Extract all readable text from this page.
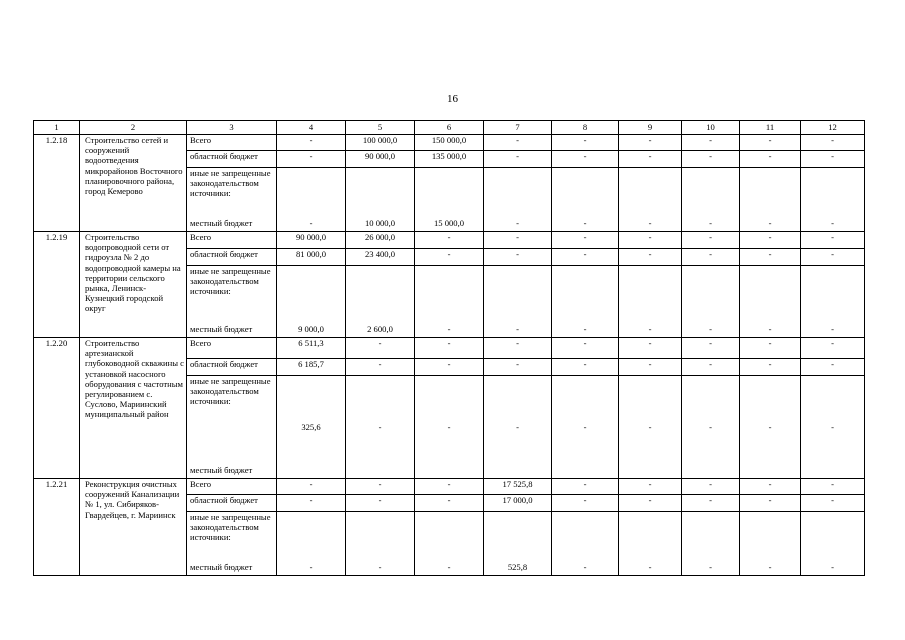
16
1	2	3	4	5	6	7	8	9	10	11	12
1.2.18	Строительство сетей и сооружений водоотведения микрорайонов Восточного планировочного района, город Кемерово	Всего	-	100 000,0	150 000,0	-	-	-	-	-	-
		областной бюджет	-	90 000,0	135 000,0	-	-	-	-	-	-

		иные не запрещенные законодательством источники:
местный бюджет	-	10 000,0	15 000,0	-	-	-	-	-	-
1.2.19	Строительство водопроводной сети от гидроузла № 2 до водопроводной камеры на территории сельского рынка, Ленинск-Кузнецкий городской округ	Всего	90 000,0	26 000,0	-	-	-	-	-	-	-
		областной бюджет	81 000,0	23 400,0	-	-	-	-	-	-	-

		иные не запрещенные законодательством источники:
местный бюджет	9 000,0	2 600,0	-	-	-	-	-	-	-
1.2.20	Строительство артезианской глубоководной скважины с установкой насосного оборудования с частотным регулированием с. Суслово, Мариинский муниципальный район	Всего	6 511,3	-	-	-	-	-	-	-	-
		областной бюджет	6 185,7	-	-	-	-	-	-	-	-

		иные не запрещенные законодательством источники:
местный бюджет	325,6	-	-	-	-	-	-	-	-
1.2.21	Реконструкция очистных сооружений Канализации № 1, ул. Сибиряков-Гвардейцев, г. Мариинск	Всего	-	-	-	17 525,8	-	-	-	-	-
		областной бюджет	-	-	-	17 000,0	-	-	-	-	-

		иные не запрещенные законодательством источники:
местный бюджет	-	-	-	525,8	-	-	-	-	-
